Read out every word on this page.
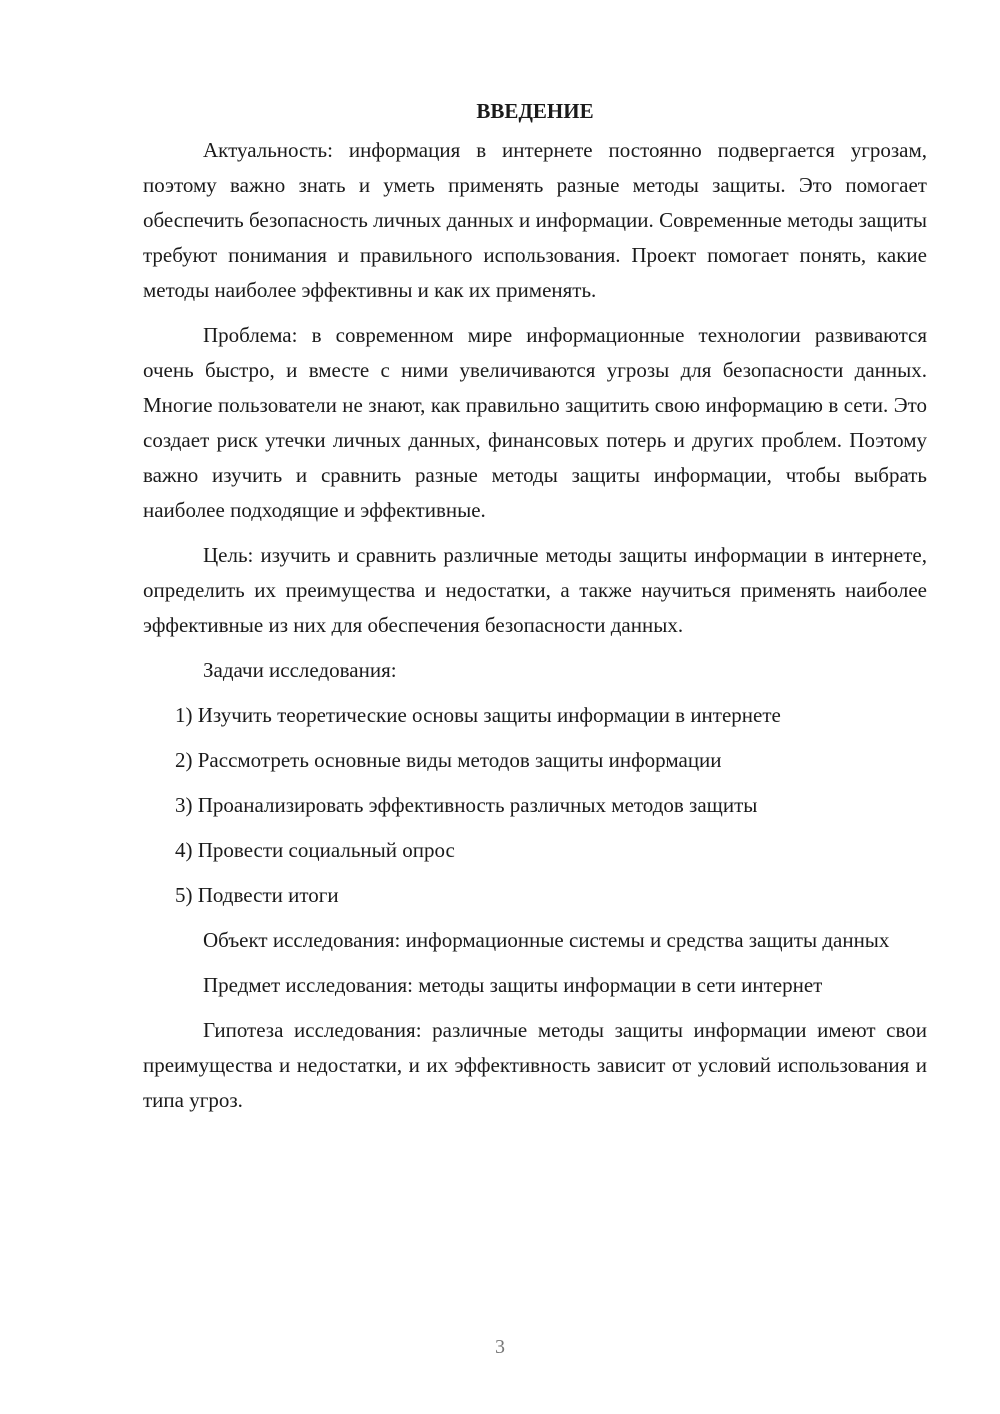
ВВЕДЕНИЕ

Актуальность: информация в интернете постоянно подвергается угрозам, поэтому важно знать и уметь применять разные методы защиты. Это помогает обеспечить безопасность личных данных и информации. Современные методы защиты требуют понимания и правильного использования. Проект помогает понять, какие методы наиболее эффективны и как их применять.

Проблема: в современном мире информационные технологии развиваются очень быстро, и вместе с ними увеличиваются угрозы для безопасности данных. Многие пользователи не знают, как правильно защитить свою информацию в сети. Это создает риск утечки личных данных, финансовых потерь и других проблем. Поэтому важно изучить и сравнить разные методы защиты информации, чтобы выбрать наиболее подходящие и эффективные.

Цель: изучить и сравнить различные методы защиты информации в интернете, определить их преимущества и недостатки, а также научиться применять наиболее эффективные из них для обеспечения безопасности данных.

Задачи исследования:

1) Изучить теоретические основы защиты информации в интернете

2) Рассмотреть основные виды методов защиты информации

3) Проанализировать эффективность различных методов защиты

4) Провести социальный опрос

5) Подвести итоги

Объект исследования: информационные системы и средства защиты данных

Предмет исследования: методы защиты информации в сети интернет

Гипотеза исследования: различные методы защиты информации имеют свои преимущества и недостатки, и их эффективность зависит от условий использования и типа угроз.

3
